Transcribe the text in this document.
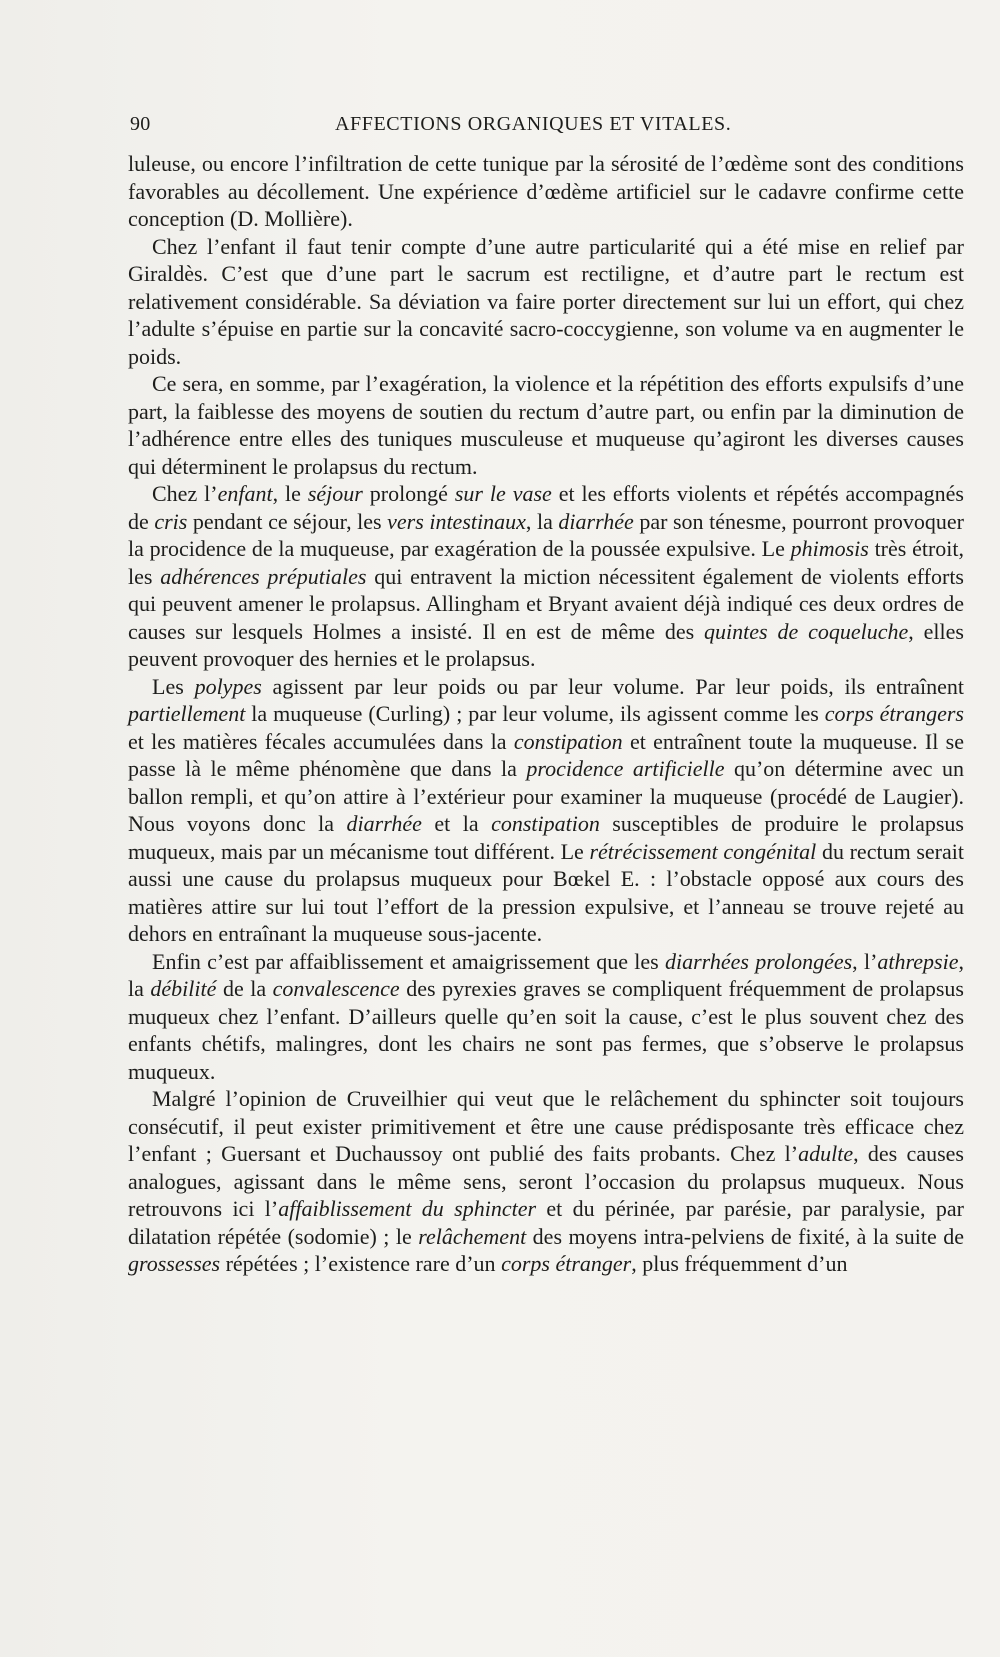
90	AFFECTIONS ORGANIQUES ET VITALES.

luleuse, ou encore l’infiltration de cette tunique par la sérosité de l’œdème sont des conditions favorables au décollement. Une expérience d’œdème artificiel sur le cadavre confirme cette conception (D. Mollière).

Chez l’enfant il faut tenir compte d’une autre particularité qui a été mise en relief par Giraldès. C’est que d’une part le sacrum est rectiligne, et d’autre part le rectum est relativement considérable. Sa déviation va faire porter directement sur lui un effort, qui chez l’adulte s’épuise en partie sur la concavité sacro-coccygienne, son volume va en augmenter le poids.

Ce sera, en somme, par l’exagération, la violence et la répétition des efforts expulsifs d’une part, la faiblesse des moyens de soutien du rectum d’autre part, ou enfin par la diminution de l’adhérence entre elles des tuniques musculeuse et muqueuse qu’agiront les diverses causes qui déterminent le prolapsus du rectum.

Chez l’enfant, le séjour prolongé sur le vase et les efforts violents et répétés accompagnés de cris pendant ce séjour, les vers intestinaux, la diarrhée par son ténesme, pourront provoquer la procidence de la muqueuse, par exagération de la poussée expulsive. Le phimosis très étroit, les adhérences préputiales qui entravent la miction nécessitent également de violents efforts qui peuvent amener le prolapsus. Allingham et Bryant avaient déjà indiqué ces deux ordres de causes sur lesquels Holmes a insisté. Il en est de même des quintes de coqueluche, elles peuvent provoquer des hernies et le prolapsus.

Les polypes agissent par leur poids ou par leur volume. Par leur poids, ils entraînent partiellement la muqueuse (Curling) ; par leur volume, ils agissent comme les corps étrangers et les matières fécales accumulées dans la constipation et entraînent toute la muqueuse. Il se passe là le même phénomène que dans la procidence artificielle qu’on détermine avec un ballon rempli, et qu’on attire à l’extérieur pour examiner la muqueuse (procédé de Laugier). Nous voyons donc la diarrhée et la constipation susceptibles de produire le prolapsus muqueux, mais par un mécanisme tout différent. Le rétrécissement congénital du rectum serait aussi une cause du prolapsus muqueux pour Bœkel E. : l’obstacle opposé aux cours des matières attire sur lui tout l’effort de la pression expulsive, et l’anneau se trouve rejeté au dehors en entraînant la muqueuse sous-jacente.

Enfin c’est par affaiblissement et amaigrissement que les diarrhées prolongées, l’athrepsie, la débilité de la convalescence des pyrexies graves se compliquent fréquemment de prolapsus muqueux chez l’enfant. D’ailleurs quelle qu’en soit la cause, c’est le plus souvent chez des enfants chétifs, malingres, dont les chairs ne sont pas fermes, que s’observe le prolapsus muqueux.

Malgré l’opinion de Cruveilhier qui veut que le relâchement du sphincter soit toujours consécutif, il peut exister primitivement et être une cause prédisposante très efficace chez l’enfant ; Guersant et Duchaussoy ont publié des faits probants. Chez l’adulte, des causes analogues, agissant dans le même sens, seront l’occasion du prolapsus muqueux. Nous retrouvons ici l’affaiblissement du sphincter et du périnée, par parésie, par paralysie, par dilatation répétée (sodomie) ; le relâchement des moyens intra-pelviens de fixité, à la suite de grossesses répétées ; l’existence rare d’un corps étranger, plus fréquemment d’un
